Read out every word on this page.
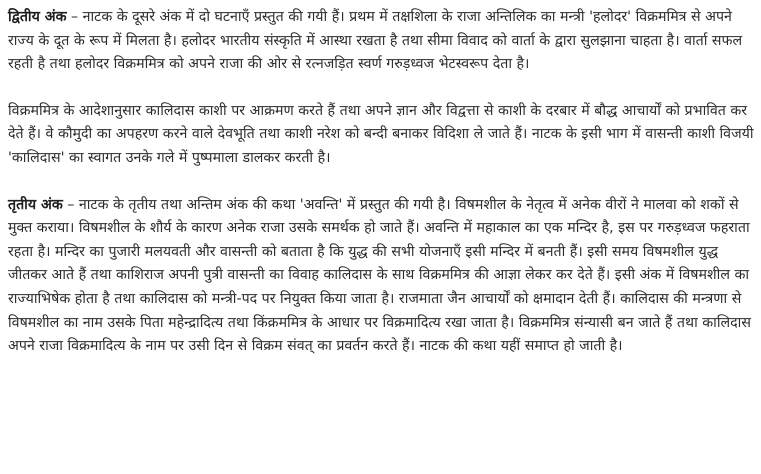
द्वितीय अंक – नाटक के दूसरे अंक में दो घटनाएँ प्रस्तुत की गयी हैं। प्रथम में तक्षशिला के राजा अन्तिलिक का मन्त्री 'हलोदर' विक्रममित्र से अपने राज्य के दूत के रूप में मिलता है। हलोदर भारतीय संस्कृति में आस्था रखता है तथा सीमा विवाद को वार्ता के द्वारा सुलझाना चाहता है। वार्ता सफल रहती है तथा हलोदर विक्रममित्र को अपने राजा की ओर से रत्नजड़ित स्वर्ण गरुड़ध्वज भेटस्वरूप देता है।

विक्रममित्र के आदेशानुसार कालिदास काशी पर आक्रमण करते हैं तथा अपने ज्ञान और विद्वत्ता से काशी के दरबार में बौद्ध आचार्यों को प्रभावित कर देते हैं। वे कौमुदी का अपहरण करने वाले देवभूति तथा काशी नरेश को बन्दी बनाकर विदिशा ले जाते हैं। नाटक के इसी भाग में वासन्ती काशी विजयी 'कालिदास' का स्वागत उनके गले में पुष्पमाला डालकर करती है।

तृतीय अंक – नाटक के तृतीय तथा अन्तिम अंक की कथा 'अवन्ति' में प्रस्तुत की गयी है। विषमशील के नेतृत्व में अनेक वीरों ने मालवा को शकों से मुक्त कराया। विषमशील के शौर्य के कारण अनेक राजा उसके समर्थक हो जाते हैं। अवन्ति में महाकाल का एक मन्दिर है, इस पर गरुड़ध्वज फहराता रहता है। मन्दिर का पुजारी मलयवती और वासन्ती को बताता है कि युद्ध की सभी योजनाएँ इसी मन्दिर में बनती हैं। इसी समय विषमशील युद्ध जीतकर आते हैं तथा काशिराज अपनी पुत्री वासन्ती का विवाह कालिदास के साथ विक्रममित्र की आज्ञा लेकर कर देते हैं। इसी अंक में विषमशील का राज्याभिषेक होता है तथा कालिदास को मन्त्री-पद पर नियुक्त किया जाता है। राजमाता जैन आचार्यों को क्षमादान देती हैं। कालिदास की मन्त्रणा से विषमशील का नाम उसके पिता महेन्द्रादित्य तथा किंक्रममित्र के आधार पर विक्रमादित्य रखा जाता है। विक्रममित्र संन्यासी बन जाते हैं तथा कालिदास अपने राजा विक्रमादित्य के नाम पर उसी दिन से विक्रम संवत् का प्रवर्तन करते हैं। नाटक की कथा यहीं समाप्त हो जाती है।
